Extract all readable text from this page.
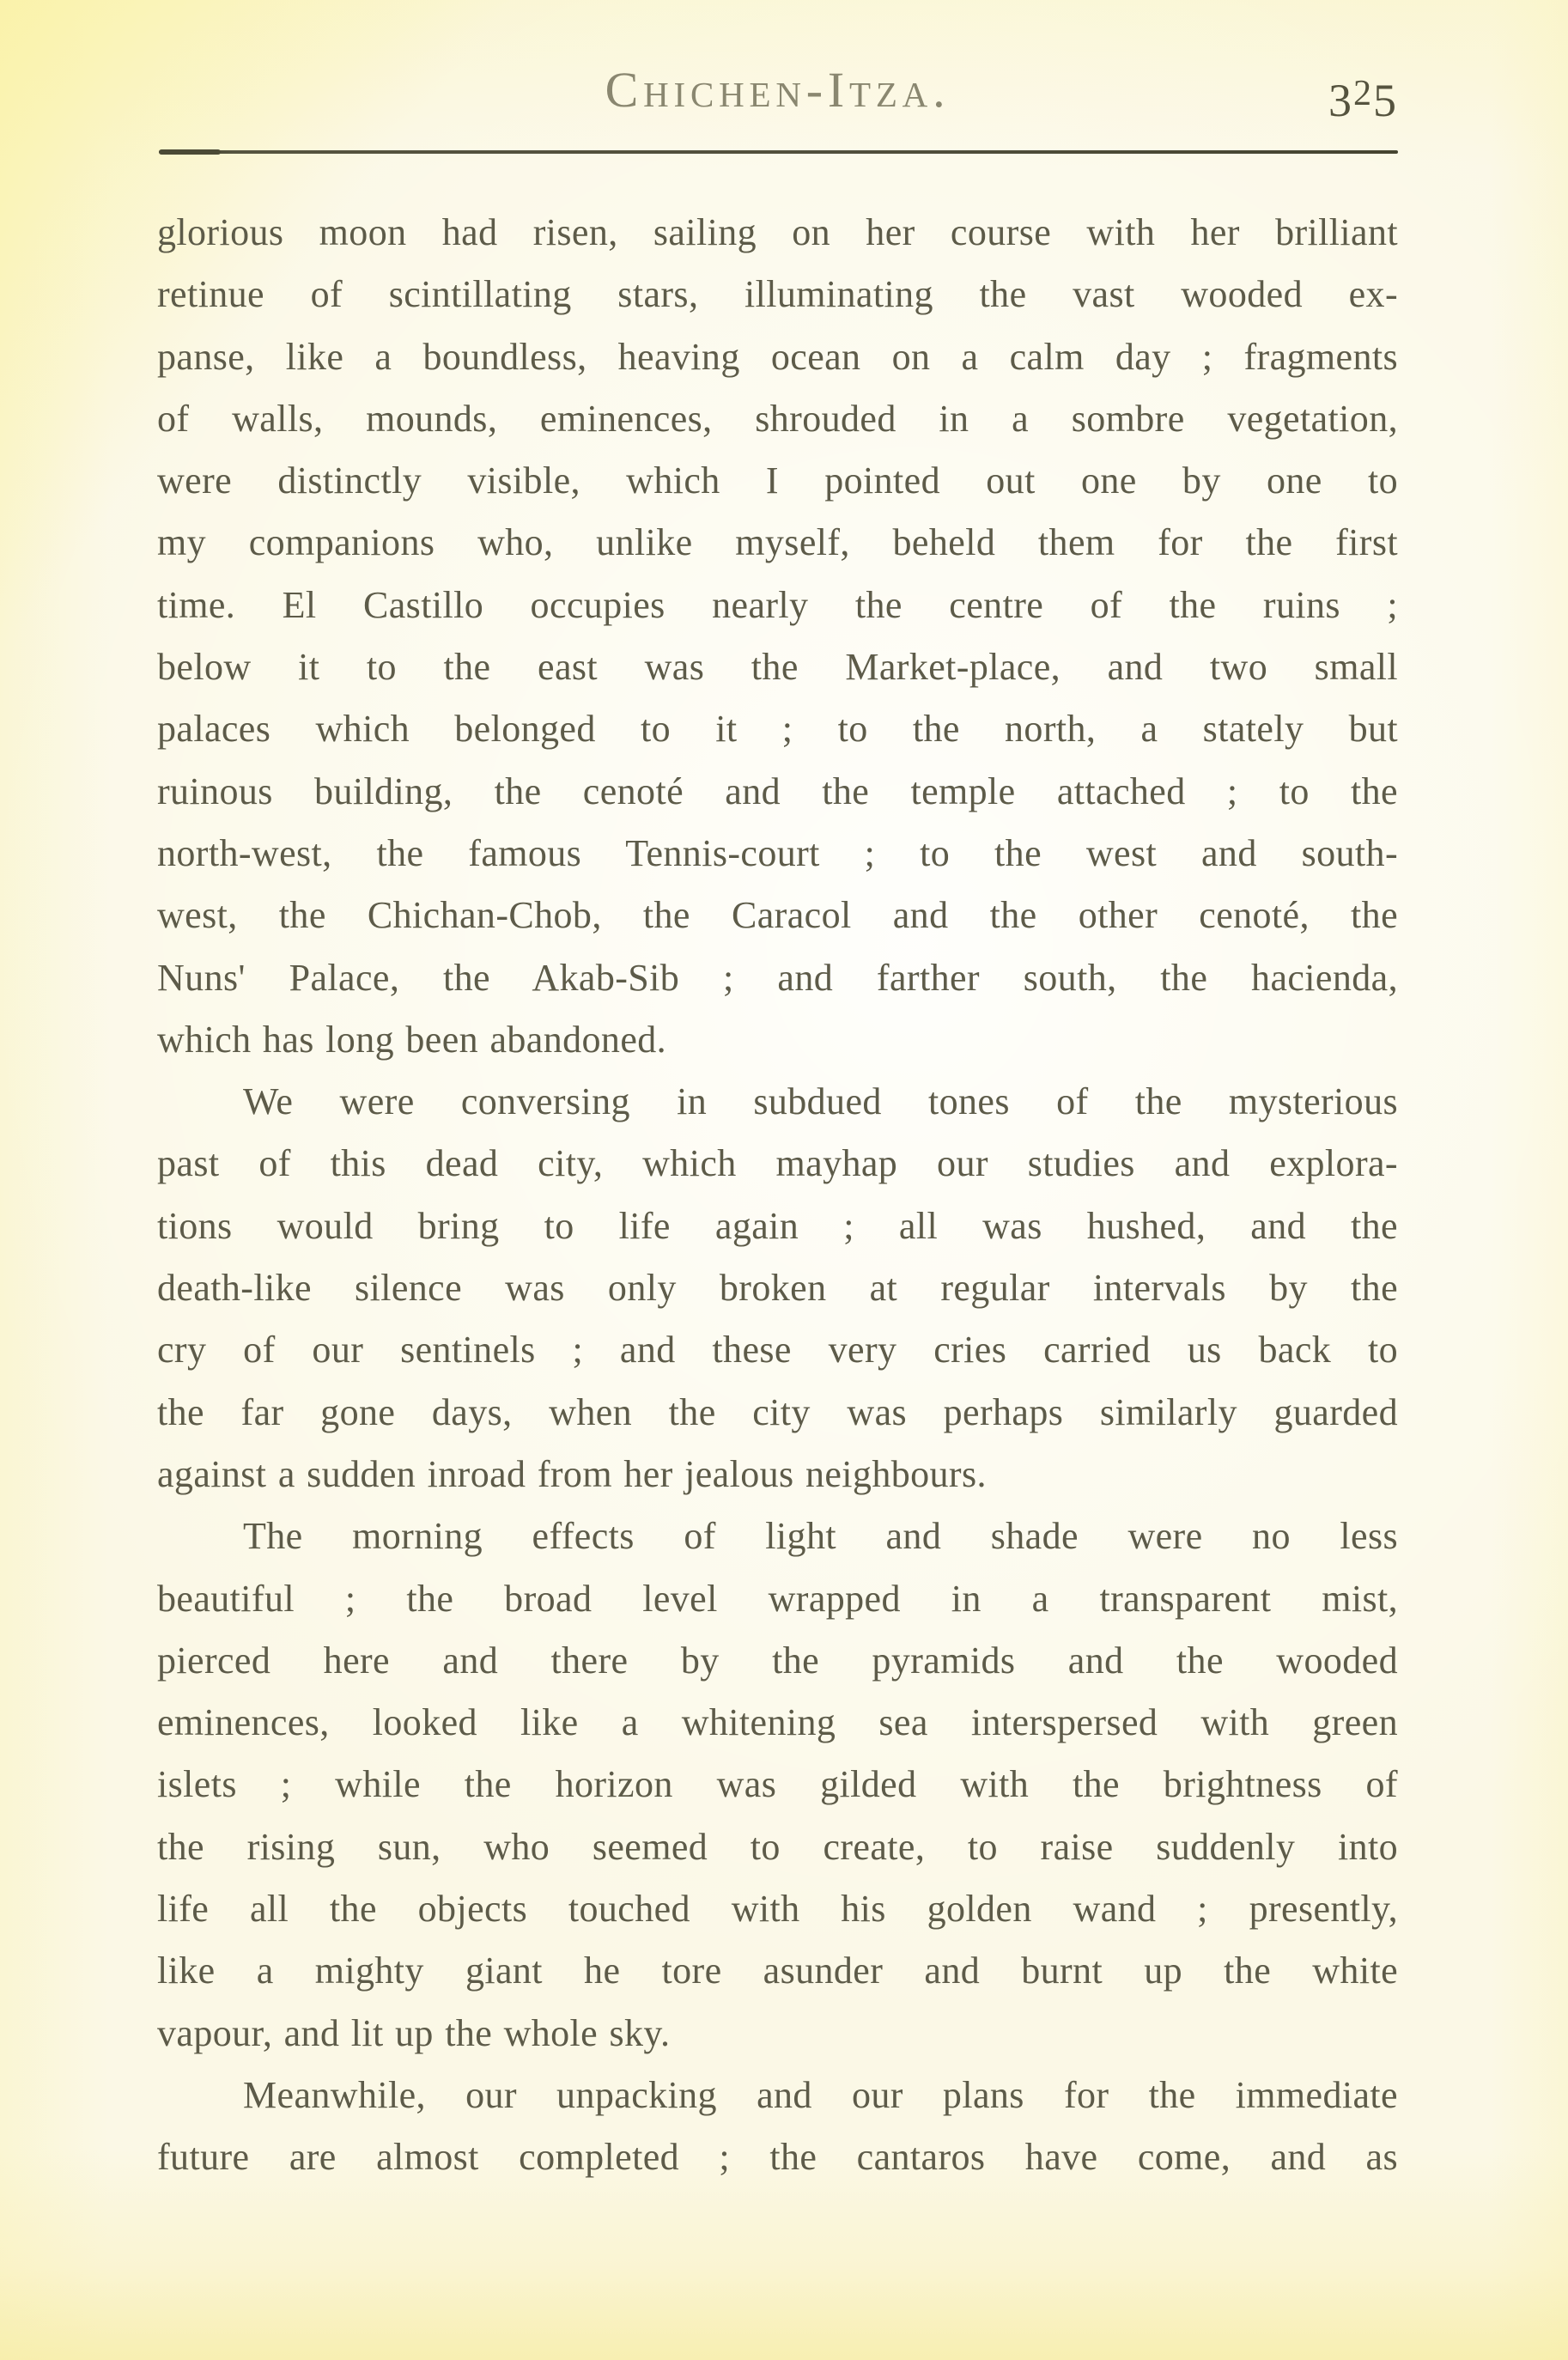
Chichen-Itza.	$3^25$
glorious moon had risen, sailing on her course with her brilliant
retinue of scintillating stars, illuminating the vast wooded ex-
panse, like a boundless, heaving ocean on a calm day ; fragments
of walls, mounds, eminences, shrouded in a sombre vegetation,
were distinctly visible, which I pointed out one by one to
my companions who, unlike myself, beheld them for the first
time. El Castillo occupies nearly the centre of the ruins ;
below it to the east was the Market-place, and two small
palaces which belonged to it ; to the north, a stately but
ruinous building, the cenoté and the temple attached ; to the
north-west, the famous Tennis-court ; to the west and south-
west, the Chichan-Chob, the Caracol and the other cenoté, the
Nuns' Palace, the Akab-Sib ; and farther south, the hacienda,
which has long been abandoned.
We were conversing in subdued tones of the mysterious
past of this dead city, which mayhap our studies and explora-
tions would bring to life again ; all was hushed, and the
death-like silence was only broken at regular intervals by the
cry of our sentinels ; and these very cries carried us back to
the far gone days, when the city was perhaps similarly guarded
against a sudden inroad from her jealous neighbours.
The morning effects of light and shade were no less
beautiful ; the broad level wrapped in a transparent mist,
pierced here and there by the pyramids and the wooded
eminences, looked like a whitening sea interspersed with green
islets ; while the horizon was gilded with the brightness of
the rising sun, who seemed to create, to raise suddenly into
life all the objects touched with his golden wand ; presently,
like a mighty giant he tore asunder and burnt up the white
vapour, and lit up the whole sky.
Meanwhile, our unpacking and our plans for the immediate
future are almost completed ; the cantaros have come, and as
